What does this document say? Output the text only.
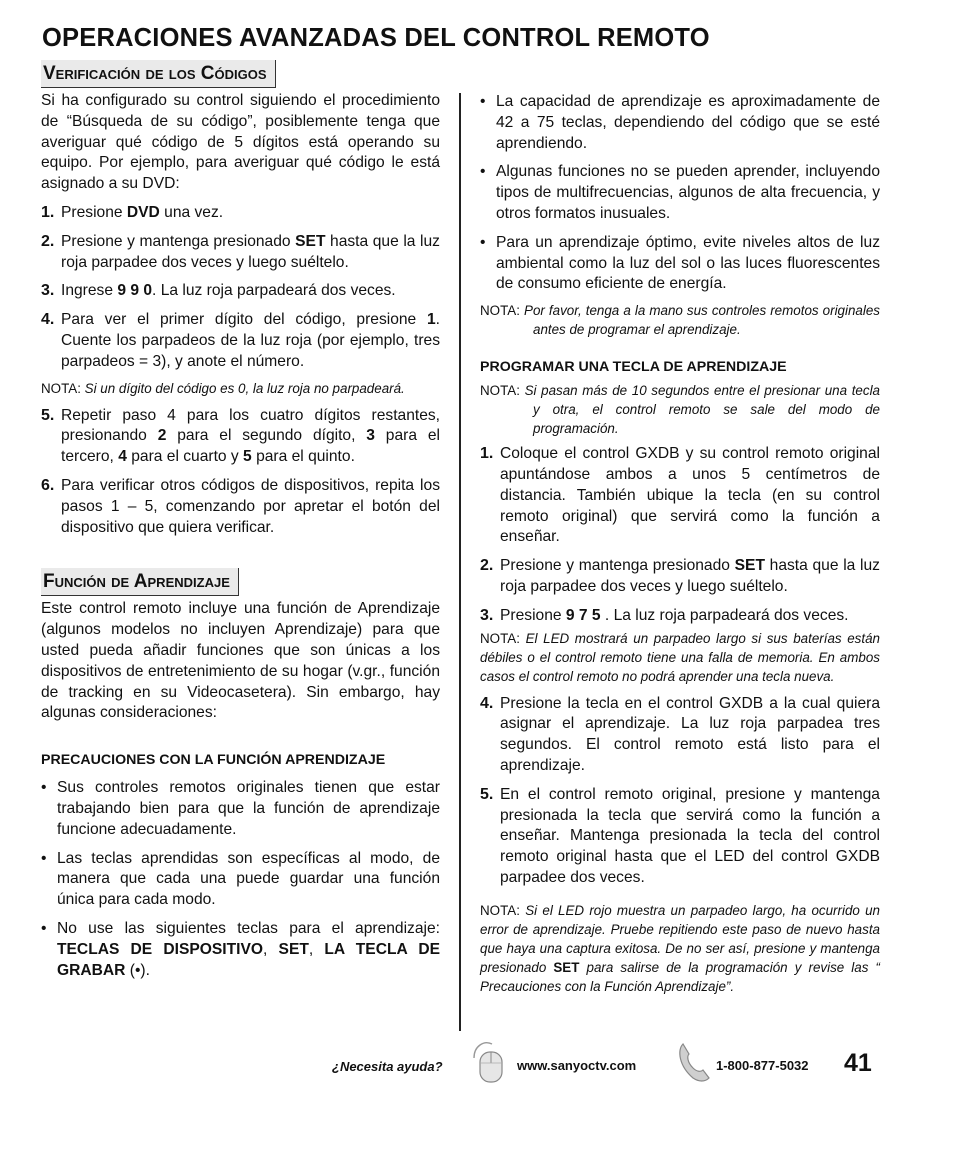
OPERACIONES AVANZADAS DEL CONTROL REMOTO
Verificación de los Códigos

Si ha configurado su control siguiendo el procedimiento de “Búsqueda de su código”, posiblemente tenga que averiguar qué código de 5 dígitos está operando su equipo. Por ejemplo, para averiguar qué código le está asignado a su DVD:

1. Presione DVD una vez.
2. Presione y mantenga presionado SET hasta que la luz roja parpadee dos veces y luego suéltelo.
3. Ingrese 9 9 0. La luz roja parpadeará dos veces.
4. Para ver el primer dígito del código, presione 1. Cuente los parpadeos de la luz roja (por ejemplo, tres parpadeos = 3), y anote el número.
NOTA: Si un dígito del código es 0, la luz roja no parpadeará.
5. Repetir paso 4 para los cuatro dígitos restantes, presionando 2 para el segundo dígito, 3 para el tercero, 4 para el cuarto y 5 para el quinto.
6. Para verificar otros códigos de dispositivos, repita los pasos 1 – 5, comenzando por apretar el botón del dispositivo que quiera verificar.
Función de Aprendizaje

Este control remoto incluye una función de Aprendizaje (algunos modelos no incluyen Aprendizaje) para que usted pueda añadir funciones que son únicas a los dispositivos de entretenimiento de su hogar (v.gr., función de tracking en su Videocasetera). Sin embargo, hay algunas consideraciones:

PRECAUCIONES CON LA FUNCIÓN APRENDIZAJE
• Sus controles remotos originales tienen que estar trabajando bien para que la función de aprendizaje funcione adecuadamente.
• Las teclas aprendidas son específicas al modo, de manera que cada una puede guardar una función única para cada modo.
• No use las siguientes teclas para el aprendizaje: TECLAS DE DISPOSITIVO, SET, LA TECLA DE GRABAR (•).
• La capacidad de aprendizaje es aproximadamente de 42 a 75 teclas, dependiendo del código que se esté aprendiendo.
• Algunas funciones no se pueden aprender, incluyendo tipos de multifrecuencias, algunos de alta frecuencia, y otros formatos inusuales.
• Para un aprendizaje óptimo, evite niveles altos de luz ambiental como la luz del sol o las luces fluorescentes de consumo eficiente de energía.
NOTA: Por favor, tenga a la mano sus controles remotos originales antes de programar el aprendizaje.
PROGRAMAR UNA TECLA DE APRENDIZAJE
NOTA: Si pasan más de 10 segundos entre el presionar una tecla y otra, el control remoto se sale del modo de programación.
1. Coloque el control GXDB y su control remoto original apuntándose ambos a unos 5 centímetros de distancia. También ubique la tecla (en su control remoto original) que servirá como la función a enseñar.
2. Presione y mantenga presionado SET hasta que la luz roja parpadee dos veces y luego suéltelo.
3. Presione 9 7 5 . La luz roja parpadeará dos veces.
NOTA: El LED mostrará un parpadeo largo si sus baterías están débiles o el control remoto tiene una falla de memoria. En ambos casos el control remoto no podrá aprender una tecla nueva.
4. Presione la tecla en el control GXDB a la cual quiera asignar el aprendizaje. La luz roja parpadea tres segundos. El control remoto está listo para el aprendizaje.
5. En el control remoto original, presione y mantenga presionada la tecla que servirá como la función a enseñar. Mantenga presionada la tecla del control remoto original hasta que el LED del control GXDB parpadee dos veces.
NOTA: Si el LED rojo muestra un parpadeo largo, ha ocurrido un error de aprendizaje. Pruebe repitiendo este paso de nuevo hasta que haya una captura exitosa. De no ser así, presione y mantenga presionado SET para salirse de la programación y revise las “ Precauciones con la Función Aprendizaje”.
¿Necesita ayuda?	www.sanyoctv.com	1-800-877-5032 41
